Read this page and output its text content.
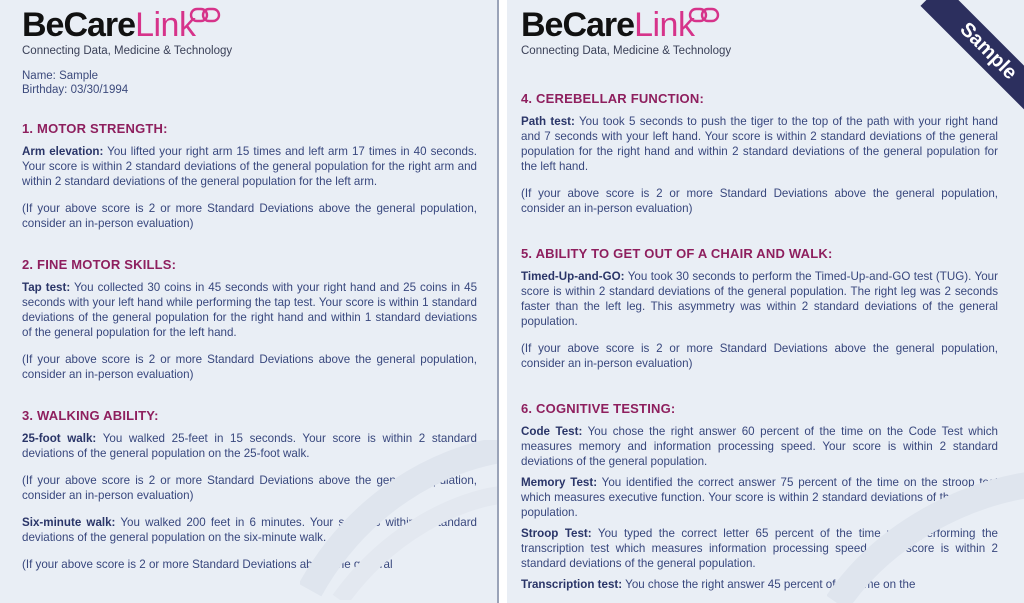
BeCare Link
Connecting Data, Medicine & Technology
Name: Sample
Birthday: 03/30/1994
1. MOTOR STRENGTH:

Arm elevation: You lifted your right arm 15 times and left arm 17 times in 40 seconds. Your score is within 2 standard deviations of the general population for the right arm and within 2 standard deviations of the general population for the left arm.

(If your above score is 2 or more Standard Deviations above the general population, consider an in-person evaluation)

2. FINE MOTOR SKILLS:

Tap test: You collected 30 coins in 45 seconds with your right hand and 25 coins in 45 seconds with your left hand while performing the tap test. Your score is within 1 standard deviations of the general population for the right hand and within 1 standard deviations of the general population for the left hand.

(If your above score is 2 or more Standard Deviations above the general population, consider an in-person evaluation)

3. WALKING ABILITY:

25-foot walk: You walked 25-feet in 15 seconds. Your score is within 2 standard deviations of the general population on the 25-foot walk.

(If your above score is 2 or more Standard Deviations above the general population, consider an in-person evaluation)

Six-minute walk: You walked 200 feet in 6 minutes. Your score is within 1 standard deviations of the general population on the six-minute walk.

(If your above score is 2 or more Standard Deviations above the general

Sample
BeCare Link
Connecting Data, Medicine & Technology
4. CEREBELLAR FUNCTION:

Path test: You took 5 seconds to push the tiger to the top of the path with your right hand and 7 seconds with your left hand. Your score is within 2 standard deviations of the general population for the right hand and within 2 standard deviations of the general population for the left hand.

(If your above score is 2 or more Standard Deviations above the general population, consider an in-person evaluation)

5. ABILITY TO GET OUT OF A CHAIR AND WALK:

Timed-Up-and-GO: You took 30 seconds to perform the Timed-Up-and-GO test (TUG). Your score is within 2 standard deviations of the general population. The right leg was 2 seconds faster than the left leg. This asymmetry was within 2 standard deviations of the general population.

(If your above score is 2 or more Standard Deviations above the general population, consider an in-person evaluation)

6. COGNITIVE TESTING:

Code Test: You chose the right answer 60 percent of the time on the Code Test which measures memory and information processing speed. Your score is within 2 standard deviations of the general population.

Memory Test: You identified the correct answer 75 percent of the time on the stroop test which measures executive function. Your score is within 2 standard deviations of the general population.

Stroop Test: You typed the correct letter 65 percent of the time while performing the transcription test which measures information processing speed. Your score is within 2 standard deviations of the general population.

Transcription test: You chose the right answer 45 percent of the time on the
